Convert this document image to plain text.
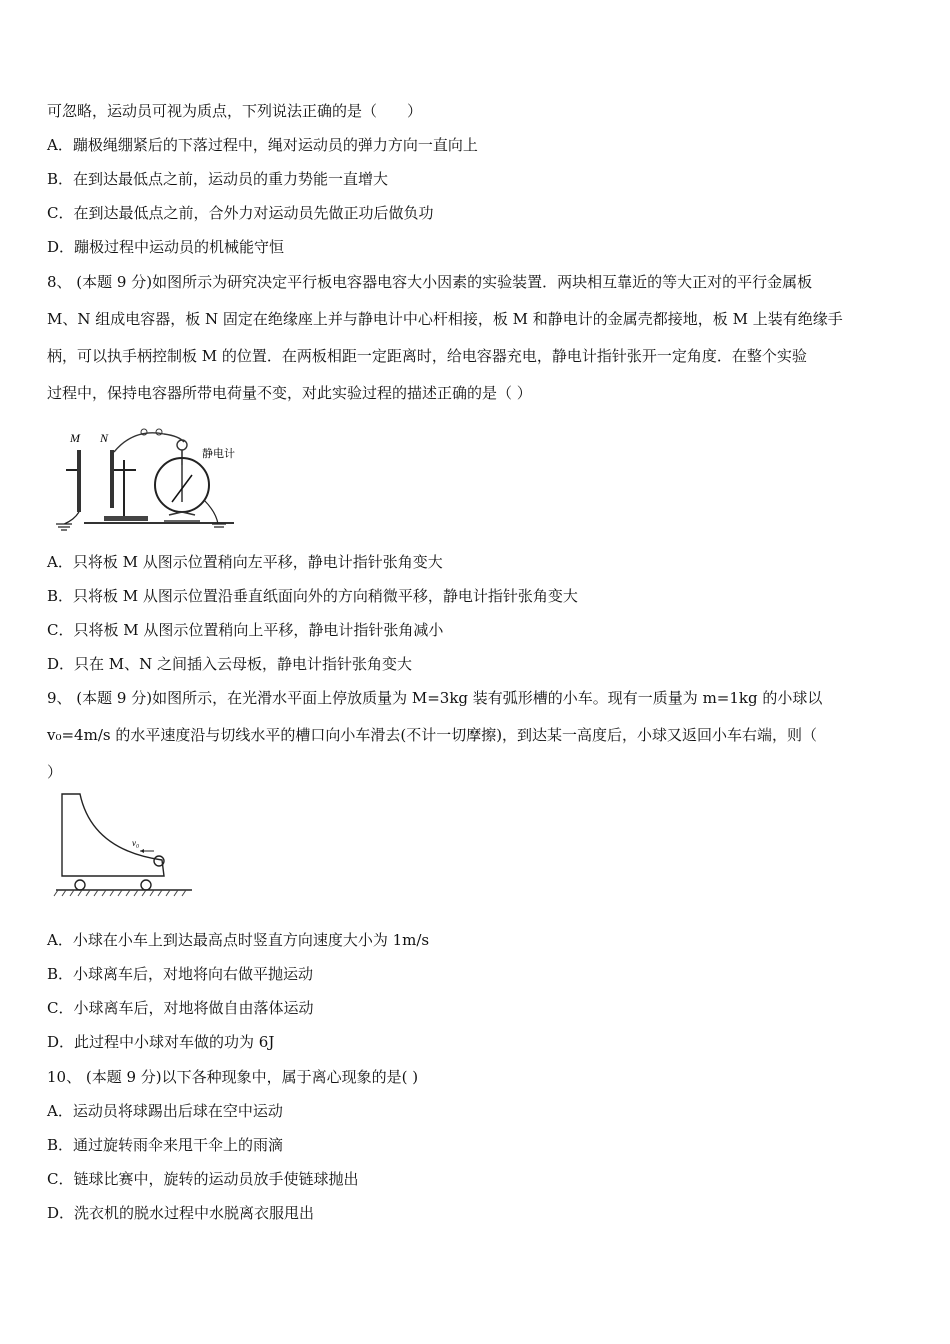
可忽略，运动员可视为质点，下列说法正确的是（　　）
A．蹦极绳绷紧后的下落过程中，绳对运动员的弹力方向一直向上
B．在到达最低点之前，运动员的重力势能一直增大
C．在到达最低点之前，合外力对运动员先做正功后做负功
D．蹦极过程中运动员的机械能守恒
8、 (本题 9 分)如图所示为研究决定平行板电容器电容大小因素的实验装置．两块相互靠近的等大正对的平行金属板
M、N 组成电容器，板 N 固定在绝缘座上并与静电计中心杆相接，板 M 和静电计的金属壳都接地，板 M 上装有绝缘手
柄，可以执手柄控制板 M 的位置．在两板相距一定距离时，给电容器充电，静电计指针张开一定角度．在整个实验
过程中，保持电容器所带电荷量不变，对此实验过程的描述正确的是（ ）
M N
静电计
A．只将板 M 从图示位置稍向左平移，静电计指针张角变大
B．只将板 M 从图示位置沿垂直纸面向外的方向稍微平移，静电计指针张角变大
C．只将板 M 从图示位置稍向上平移，静电计指针张角减小
D．只在 M、N 之间插入云母板，静电计指针张角变大
9、 (本题 9 分)如图所示，在光滑水平面上停放质量为 M=3kg 装有弧形槽的小车。现有一质量为 m=1kg 的小球以
v₀=4m/s 的水平速度沿与切线水平的槽口向小车滑去(不计一切摩擦)，到达某一高度后，小球又返回小车右端，则（
）
v₀
A．小球在小车上到达最高点时竖直方向速度大小为 1m/s
B．小球离车后，对地将向右做平抛运动
C．小球离车后，对地将做自由落体运动
D．此过程中小球对车做的功为 6J
10、 (本题 9 分)以下各种现象中，属于离心现象的是( )
A．运动员将球踢出后球在空中运动
B．通过旋转雨伞来甩干伞上的雨滴
C．链球比赛中，旋转的运动员放手使链球抛出
D．洗衣机的脱水过程中水脱离衣服甩出
